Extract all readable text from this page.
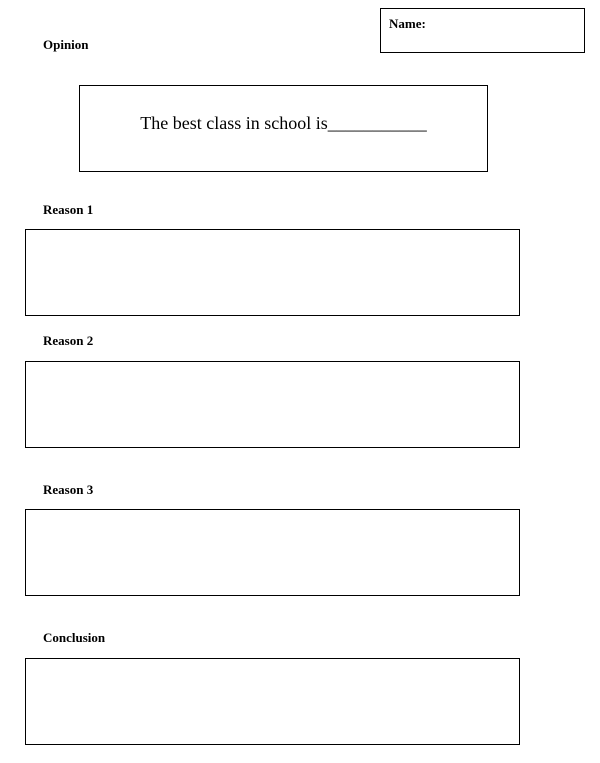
Name:
Opinion
The best class in school is___________
Reason 1
Reason 2
Reason 3
Conclusion
